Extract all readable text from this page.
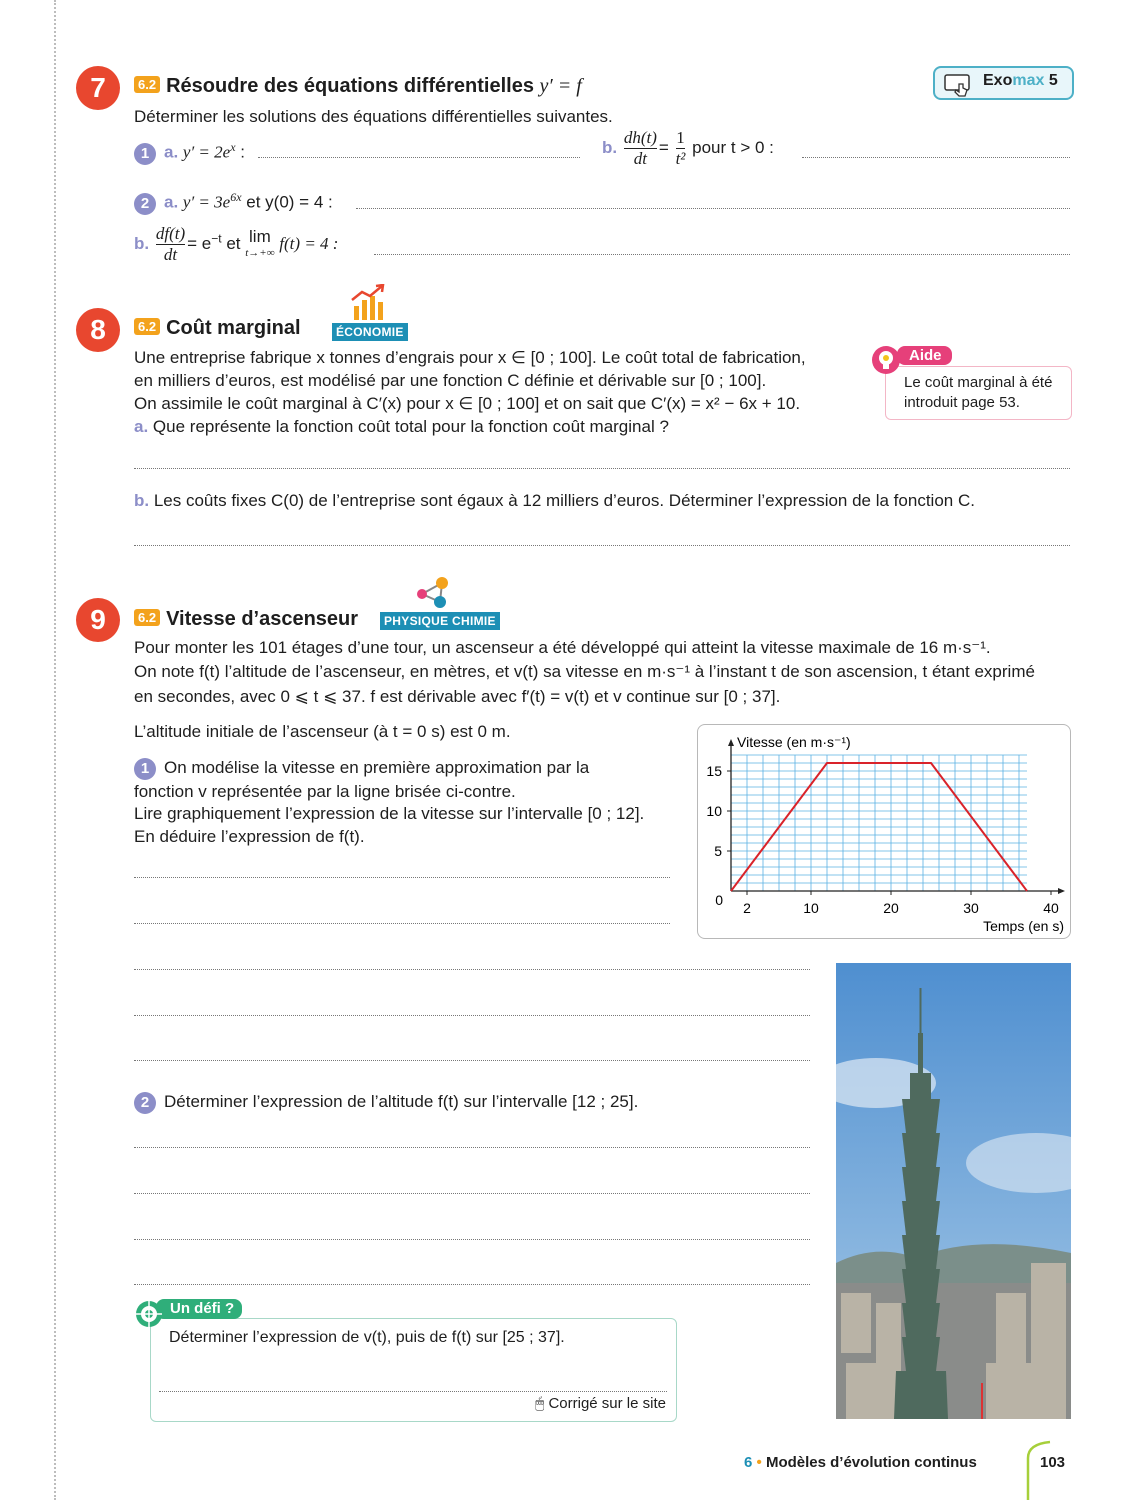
7	6.2 Résoudre des équations différentielles y′ = f	Exomax 5
Déterminer les solutions des équations différentielles suivantes.
1 a. $y' = 2e^x$ :	b. $\frac{dh(t)}{dt} = \frac{1}{\text{t²}}$ pour t > 0 :
2 a. $y' = 3e^{6x}$ et y(0) = 4 :
b. $\frac{df(t)}{dt} = e^{-t}$ et lim
t→+∞ f(t) = 4 :
8	6.2 Coût marginal	ÉCONOMIE
Une entreprise fabrique x tonnes d’engrais pour x ∈ [0 ; 100]. Le coût total de fabrication,
en milliers d’euros, est modélisé par une fonction C définie et dérivable sur [0 ; 100].
On assimile le coût marginal à C′(x) pour x ∈ [0 ; 100] et on sait que C′(x) = x² − 6x + 10.
a. Que représente la fonction coût total pour la fonction coût marginal ?
b. Les coûts fixes C(0) de l’entreprise sont égaux à 12 milliers d’euros. Déterminer l’expression de la fonction C.
Le coût marginal à été
introduit page 53.
Aide
9	6.2 Vitesse d’ascenseur	PHYSIQUE CHIMIE
Pour monter les 101 étages d’une tour, un ascenseur a été développé qui atteint la vitesse maximale de 16 m·s⁻¹.
On note f(t) l’altitude de l’ascenseur, en mètres, et v(t) sa vitesse en m·s⁻¹ à l’instant t de son ascension, t étant exprimé
en secondes, avec 0 ⩽ t ⩽ 37. f est dérivable avec f′(t) = v(t) et v continue sur [0 ; 37].
L’altitude initiale de l’ascenseur (à t = 0 s) est 0 m.
1 On modélise la vitesse en première approximation par la
fonction v représentée par la ligne brisée ci-contre.
Lire graphiquement l’expression de la vitesse sur l’intervalle [0 ; 12].
En déduire l’expression de f(t).
2 Déterminer l’expression de l’altitude f(t) sur l’intervalle [12 ; 25].
2	10	20	30	40
5
10
15
0
Vitesse (en m·s⁻¹)
Temps (en s)
Déterminer l’expression de v(t), puis de f(t) sur [25 ; 37].
🖱 Corrigé sur le site
Un défi ?
6 • Modèles d’évolution continus	103
